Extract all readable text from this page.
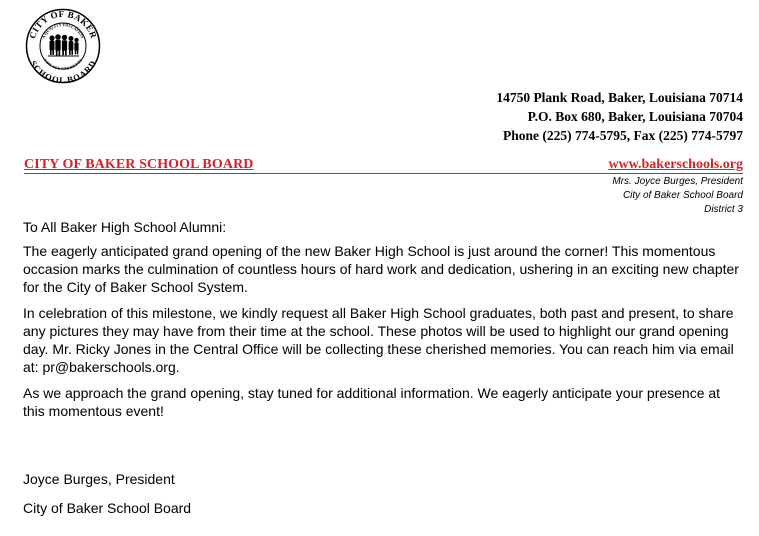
CITY OF BAKER
SCHOOL BOARD
A QUALITY EDUCATION
FOR ALL STUDENTS
14750 Plank Road, Baker, Louisiana 70714
P.O. Box 680, Baker, Louisiana 70704
Phone (225) 774-5795, Fax (225) 774-5797
CITY OF BAKER SCHOOL BOARD	www.bakerschools.org
Mrs. Joyce Burges, President
City of Baker School Board
District 3

To All Baker High School Alumni:

The eagerly anticipated grand opening of the new Baker High School is just around the corner! This momentous occasion marks the culmination of countless hours of hard work and dedication, ushering in an exciting new chapter for the City of Baker School System.

In celebration of this milestone, we kindly request all Baker High School graduates, both past and present, to share any pictures they may have from their time at the school. These photos will be used to highlight our grand opening day. Mr. Ricky Jones in the Central Office will be collecting these cherished memories. You can reach him via email at: pr@bakerschools.org.

As we approach the grand opening, stay tuned for additional information. We eagerly anticipate your presence at this momentous event!

Joyce Burges, President
City of Baker School Board
